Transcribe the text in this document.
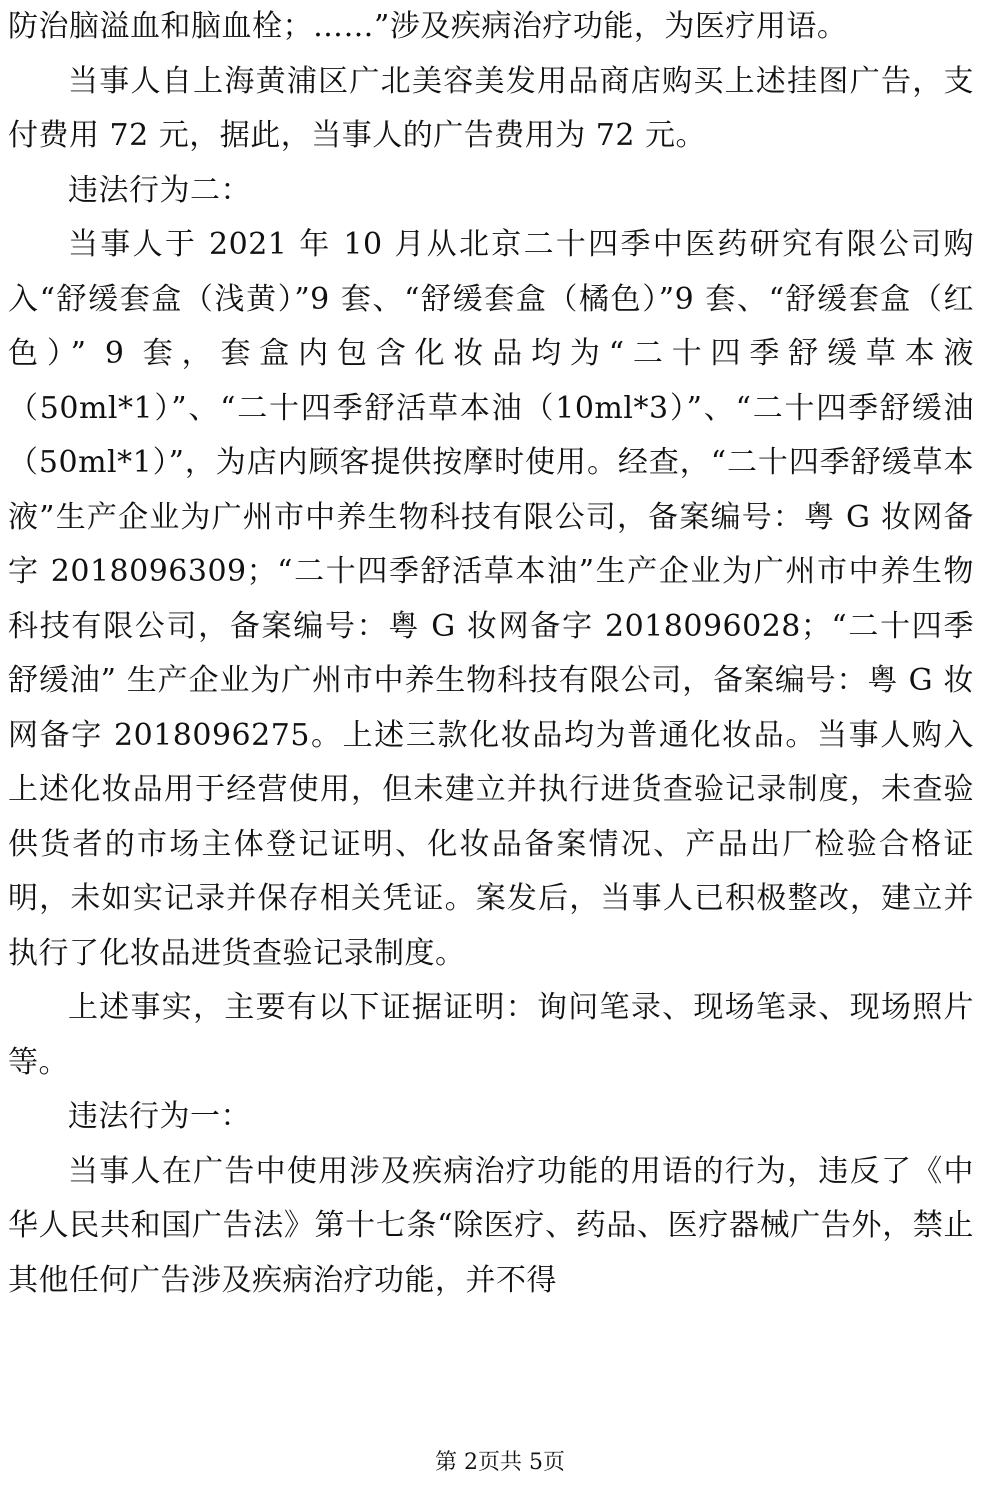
防治脑溢血和脑血栓；……”涉及疾病治疗功能，为医疗用语。

当事人自上海黄浦区广北美容美发用品商店购买上述挂图广告，支付费用 72 元，据此，当事人的广告费用为 72 元。

违法行为二：

当事人于 2021 年 10 月从北京二十四季中医药研究有限公司购入“舒缓套盒（浅黄）”9 套、“舒缓套盒（橘色）”9 套、“舒缓套盒（红色）” 9 套，套盒内包含化妆品均为“二十四季舒缓草本液（50ml*1）”、“二十四季舒活草本油（10ml*3）”、“二十四季舒缓油（50ml*1）”，为店内顾客提供按摩时使用。经查，“二十四季舒缓草本液”生产企业为广州市中养生物科技有限公司，备案编号：粤 G 妆网备字 2018096309；“二十四季舒活草本油”生产企业为广州市中养生物科技有限公司，备案编号：粤 G 妆网备字 2018096028；“二十四季舒缓油” 生产企业为广州市中养生物科技有限公司，备案编号：粤 G 妆网备字 2018096275。上述三款化妆品均为普通化妆品。当事人购入上述化妆品用于经营使用，但未建立并执行进货查验记录制度，未查验供货者的市场主体登记证明、化妆品备案情况、产品出厂检验合格证明，未如实记录并保存相关凭证。案发后，当事人已积极整改，建立并执行了化妆品进货查验记录制度。

上述事实，主要有以下证据证明：询问笔录、现场笔录、现场照片等。

违法行为一：

当事人在广告中使用涉及疾病治疗功能的用语的行为，违反了《中华人民共和国广告法》第十七条“除医疗、药品、医疗器械广告外，禁止其他任何广告涉及疾病治疗功能，并不得

第 2页共 5页
